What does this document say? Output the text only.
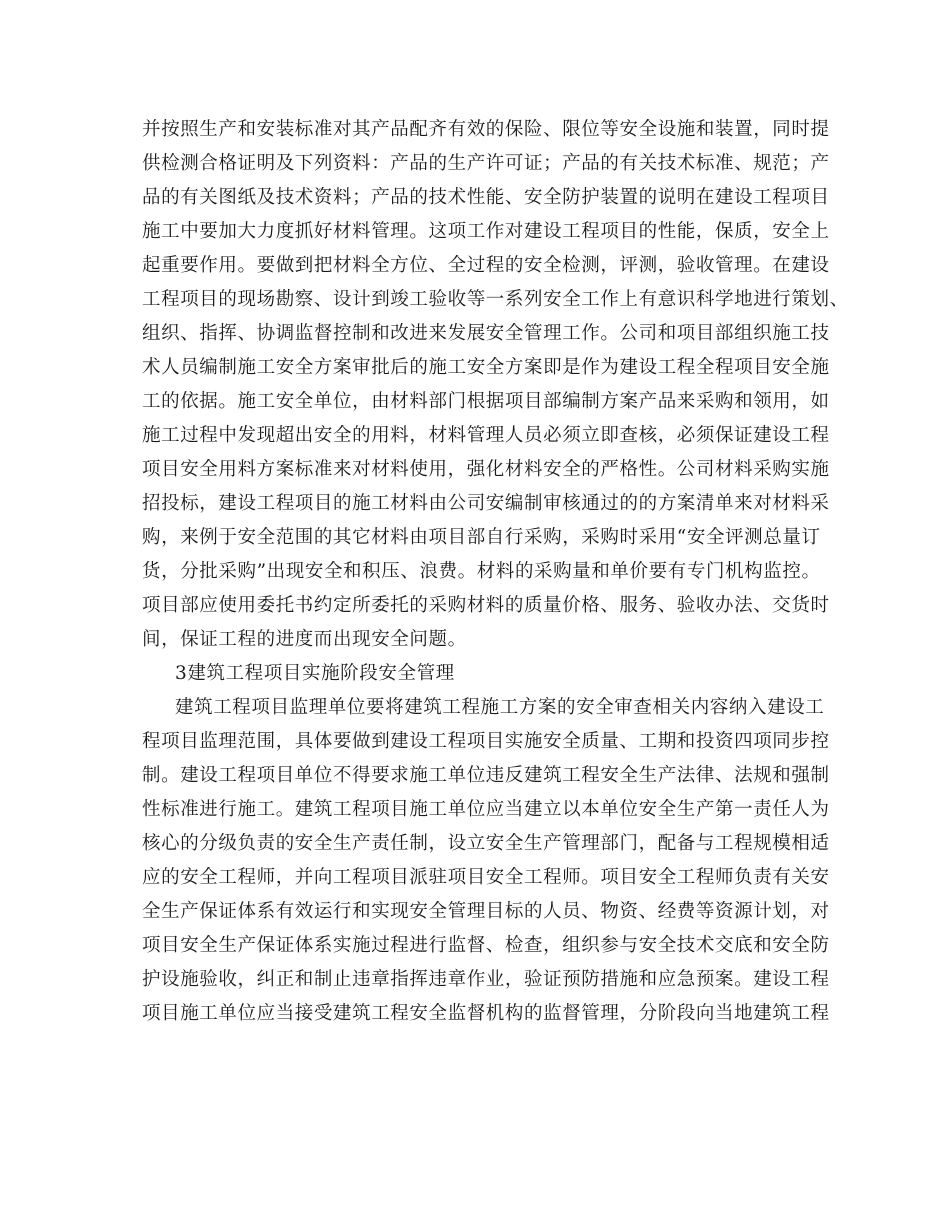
并按照生产和安装标准对其产品配齐有效的保险、限位等安全设施和装置，同时提
供检测合格证明及下列资料：产品的生产许可证；产品的有关技术标准、规范；产
品的有关图纸及技术资料；产品的技术性能、安全防护装置的说明在建设工程项目
施工中要加大力度抓好材料管理。这项工作对建设工程项目的性能，保质，安全上
起重要作用。要做到把材料全方位、全过程的安全检测，评测，验收管理。在建设
工程项目的现场勘察、设计到竣工验收等一系列安全工作上有意识科学地进行策划、
组织、指挥、协调监督控制和改进来发展安全管理工作。公司和项目部组织施工技
术人员编制施工安全方案审批后的施工安全方案即是作为建设工程全程项目安全施
工的依据。施工安全单位，由材料部门根据项目部编制方案产品来采购和领用，如
施工过程中发现超出安全的用料，材料管理人员必须立即查核，必须保证建设工程
项目安全用料方案标准来对材料使用，强化材料安全的严格性。公司材料采购实施
招投标，建设工程项目的施工材料由公司安编制审核通过的的方案清单来对材料采
购，来例于安全范围的其它材料由项目部自行采购，采购时采用“安全评测总量订
货，分批采购”出现安全和积压、浪费。材料的采购量和单价要有专门机构监控。
项目部应使用委托书约定所委托的采购材料的质量价格、服务、验收办法、交货时
间，保证工程的进度而出现安全问题。
3建筑工程项目实施阶段安全管理
建筑工程项目监理单位要将建筑工程施工方案的安全审查相关内容纳入建设工
程项目监理范围，具体要做到建设工程项目实施安全质量、工期和投资四项同步控
制。建设工程项目单位不得要求施工单位违反建筑工程安全生产法律、法规和强制
性标准进行施工。建筑工程项目施工单位应当建立以本单位安全生产第一责任人为
核心的分级负责的安全生产责任制，设立安全生产管理部门，配备与工程规模相适
应的安全工程师，并向工程项目派驻项目安全工程师。项目安全工程师负责有关安
全生产保证体系有效运行和实现安全管理目标的人员、物资、经费等资源计划，对
项目安全生产保证体系实施过程进行监督、检查，组织参与安全技术交底和安全防
护设施验收，纠正和制止违章指挥违章作业，验证预防措施和应急预案。建设工程
项目施工单位应当接受建筑工程安全监督机构的监督管理，分阶段向当地建筑工程
